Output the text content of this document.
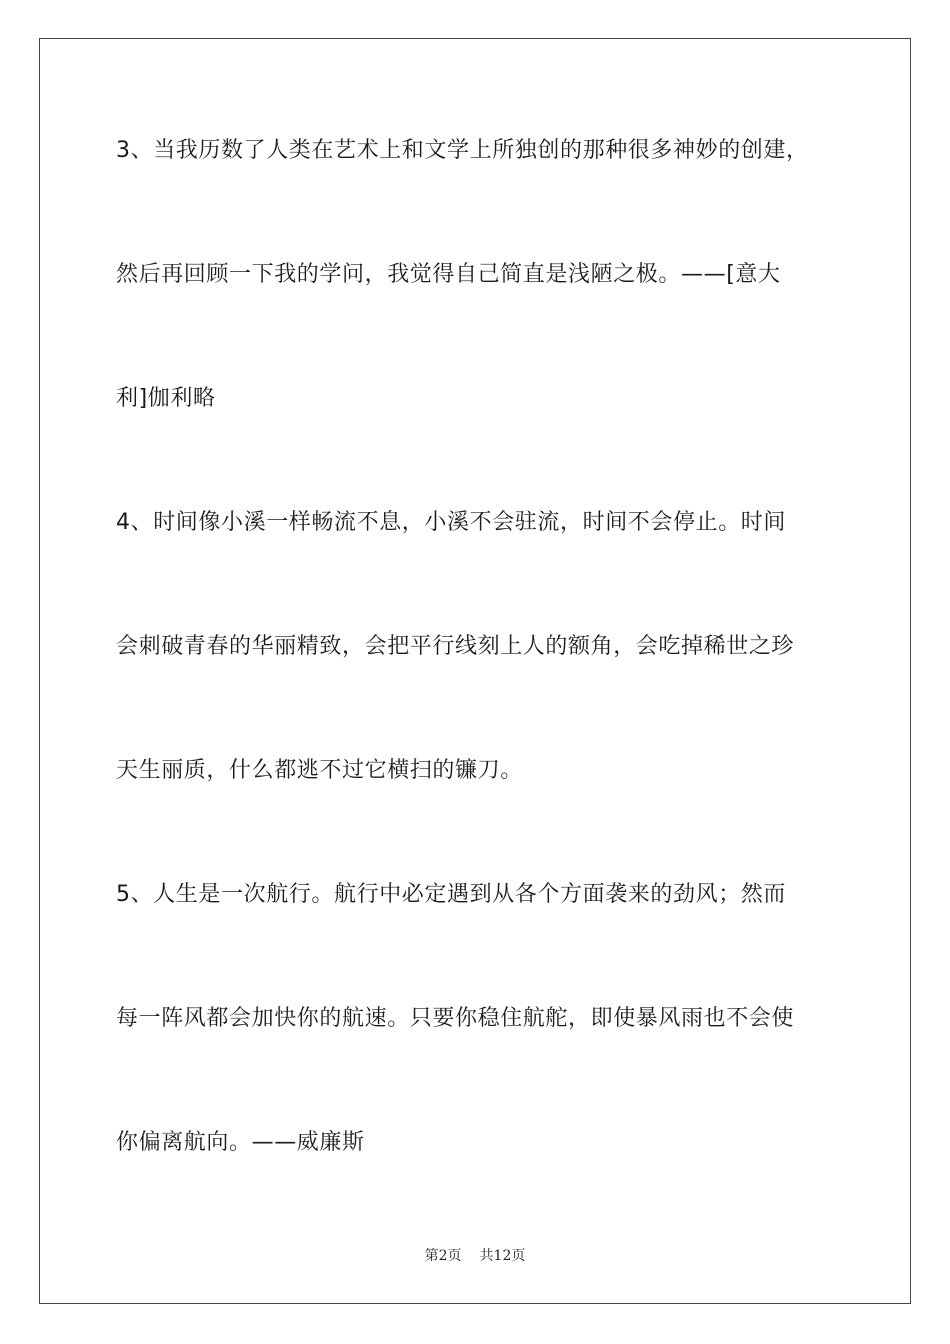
3、当我历数了人类在艺术上和文学上所独创的那种很多神妙的创建，
然后再回顾一下我的学问，我觉得自己简直是浅陋之极。——[意大
利]伽利略
4、时间像小溪一样畅流不息，小溪不会驻流，时间不会停止。时间
会刺破青春的华丽精致，会把平行线刻上人的额角，会吃掉稀世之珍
天生丽质，什么都逃不过它横扫的镰刀。
5、人生是一次航行。航行中必定遇到从各个方面袭来的劲风；然而
每一阵风都会加快你的航速。只要你稳住航舵，即使暴风雨也不会使
你偏离航向。——威廉斯
第2页 共12页
